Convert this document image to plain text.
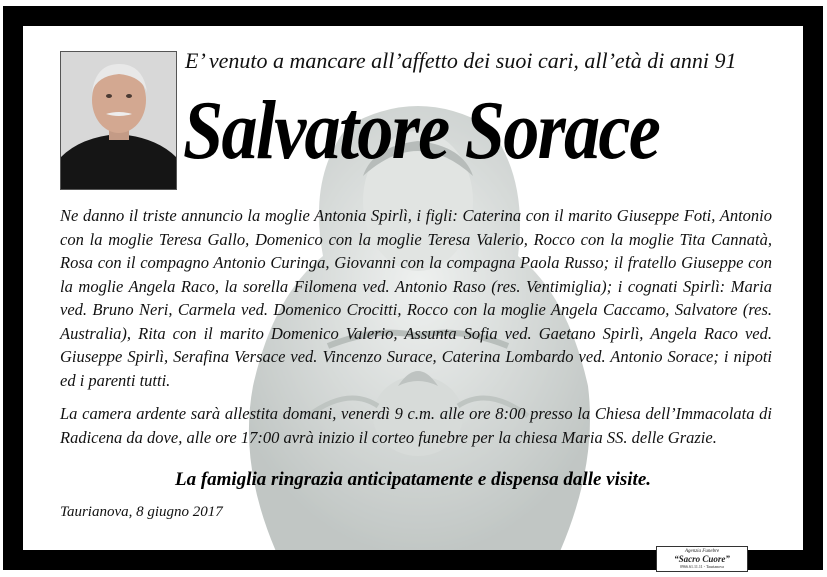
E’ venuto a mancare all’affetto dei suoi cari, all’età di anni 91
Salvatore Sorace
Ne danno il triste annuncio la moglie Antonia Spirlì, i figli: Caterina con il marito Giuseppe Foti, Antonio con la moglie Teresa Gallo, Domenico con la moglie Teresa Valerio, Rocco con la moglie Tita Cannatà, Rosa con il compagno Antonio Curinga, Giovanni con la compagna Paola Russo; il fratello Giuseppe con la moglie Angela Raco, la sorella Filomena ved. Antonio Raso (res. Ventimiglia); i cognati Spirlì: Maria ved. Bruno Neri, Carmela ved. Domenico Crocitti, Rocco con la moglie Angela Caccamo, Salvatore (res. Australia), Rita con il marito Domenico Valerio, Assunta Sofia ved. Gaetano Spirlì, Angela Raco ved. Giuseppe Spirlì, Serafina Versace ved. Vincenzo Surace, Caterina Lombardo ved. Antonio Sorace; i nipoti ed i parenti tutti.
La camera ardente sarà allestita domani, venerdì 9 c.m. alle ore 8:00 presso la Chiesa dell’Immacolata di Radicena da dove, alle ore 17:00 avrà inizio il corteo funebre per la chiesa Maria SS. delle Grazie.
La famiglia ringrazia anticipatamente e dispensa dalle visite.
Taurianova, 8 giugno 2017
Agenzia Funebre
“Sacro Cuore”
0966.61.11.11 - Taurianova
